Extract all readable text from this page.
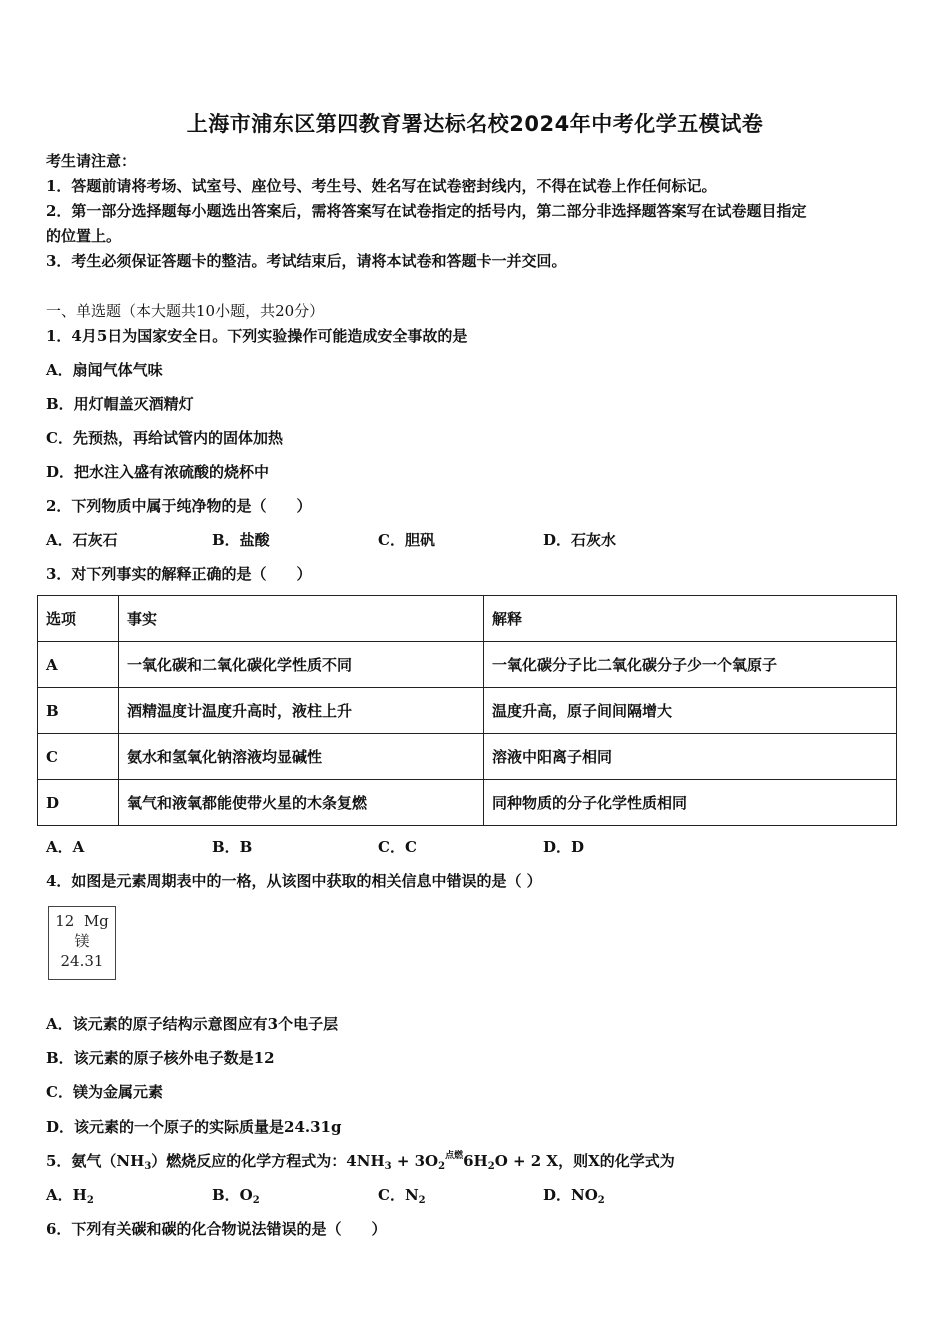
上海市浦东区第四教育署达标名校2024年中考化学五模试卷
考生请注意：
1．答题前请将考场、试室号、座位号、考生号、姓名写在试卷密封线内，不得在试卷上作任何标记。
2．第一部分选择题每小题选出答案后，需将答案写在试卷指定的括号内，第二部分非选择题答案写在试卷题目指定
的位置上。
3．考生必须保证答题卡的整洁。考试结束后，请将本试卷和答题卡一并交回。
一、单选题（本大题共10小题，共20分）
1．4月5日为国家安全日。下列实验操作可能造成安全事故的是
A．扇闻气体气味
B．用灯帽盖灭酒精灯
C．先预热，再给试管内的固体加热
D．把水注入盛有浓硫酸的烧杯中
2．下列物质中属于纯净物的是（　　）
A．石灰石	B．盐酸	C．胆矾	D．石灰水
3．对下列事实的解释正确的是（　　）
选项	事实	解释
A	一氧化碳和二氧化碳化学性质不同	一氧化碳分子比二氧化碳分子少一个氧原子
B	酒精温度计温度升高时，液柱上升	温度升高，原子间间隔增大
C	氨水和氢氧化钠溶液均显碱性	溶液中阳离子相同
D	氧气和液氧都能使带火星的木条复燃	同种物质的分子化学性质相同
A．A	B．B	C．C	D．D
4．如图是元素周期表中的一格，从该图中获取的相关信息中错误的是（ ）
12 Mg
镁
24.31
A．该元素的原子结构示意图应有3个电子层
B．该元素的原子核外电子数是12
C．镁为金属元素
D．该元素的一个原子的实际质量是24.31g
5．氨气$(NH_3)$燃烧反应的化学方程式为：$4NH_3 + 3O_2^{点燃}6H_2O + 2$ X，则X的化学式为
A．$H_2$	B．$O_2$	C．$N_2$	D．$NO_2$
6．下列有关碳和碳的化合物说法错误的是（　　）
